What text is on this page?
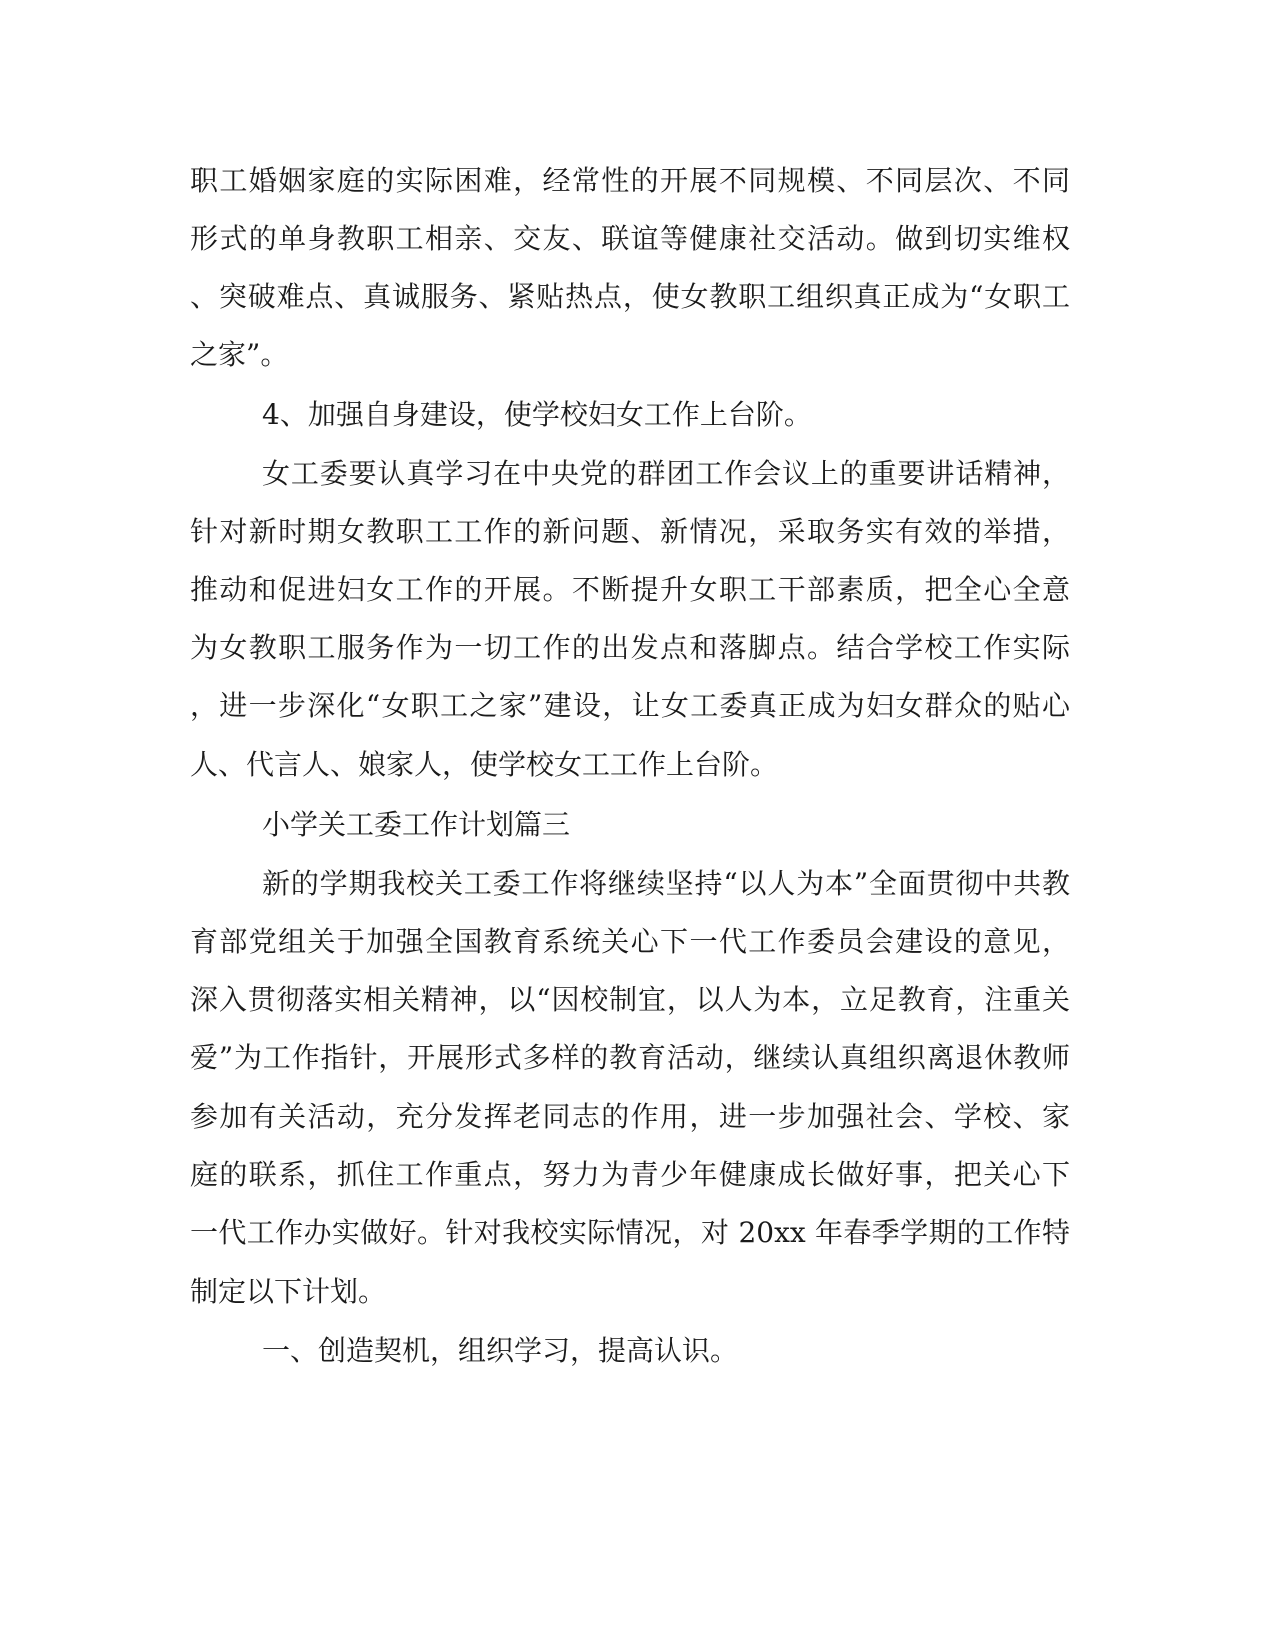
职工婚姻家庭的实际困难，经常性的开展不同规模、不同层次、不同
形式的单身教职工相亲、交友、联谊等健康社交活动。做到切实维权
、突破难点、真诚服务、紧贴热点，使女教职工组织真正成为“女职工
之家”。
4、加强自身建设，使学校妇女工作上台阶。
女工委要认真学习在中央党的群团工作会议上的重要讲话精神，
针对新时期女教职工工作的新问题、新情况，采取务实有效的举措，
推动和促进妇女工作的开展。不断提升女职工干部素质，把全心全意
为女教职工服务作为一切工作的出发点和落脚点。结合学校工作实际
，进一步深化“女职工之家”建设，让女工委真正成为妇女群众的贴心
人、代言人、娘家人，使学校女工工作上台阶。
小学关工委工作计划篇三
新的学期我校关工委工作将继续坚持“以人为本”全面贯彻中共教
育部党组关于加强全国教育系统关心下一代工作委员会建设的意见，
深入贯彻落实相关精神，以“因校制宜，以人为本，立足教育，注重关
爱”为工作指针，开展形式多样的教育活动，继续认真组织离退休教师
参加有关活动，充分发挥老同志的作用，进一步加强社会、学校、家
庭的联系，抓住工作重点，努力为青少年健康成长做好事，把关心下
一代工作办实做好。针对我校实际情况，对 20xx 年春季学期的工作特
制定以下计划。
一、创造契机，组织学习，提高认识。
